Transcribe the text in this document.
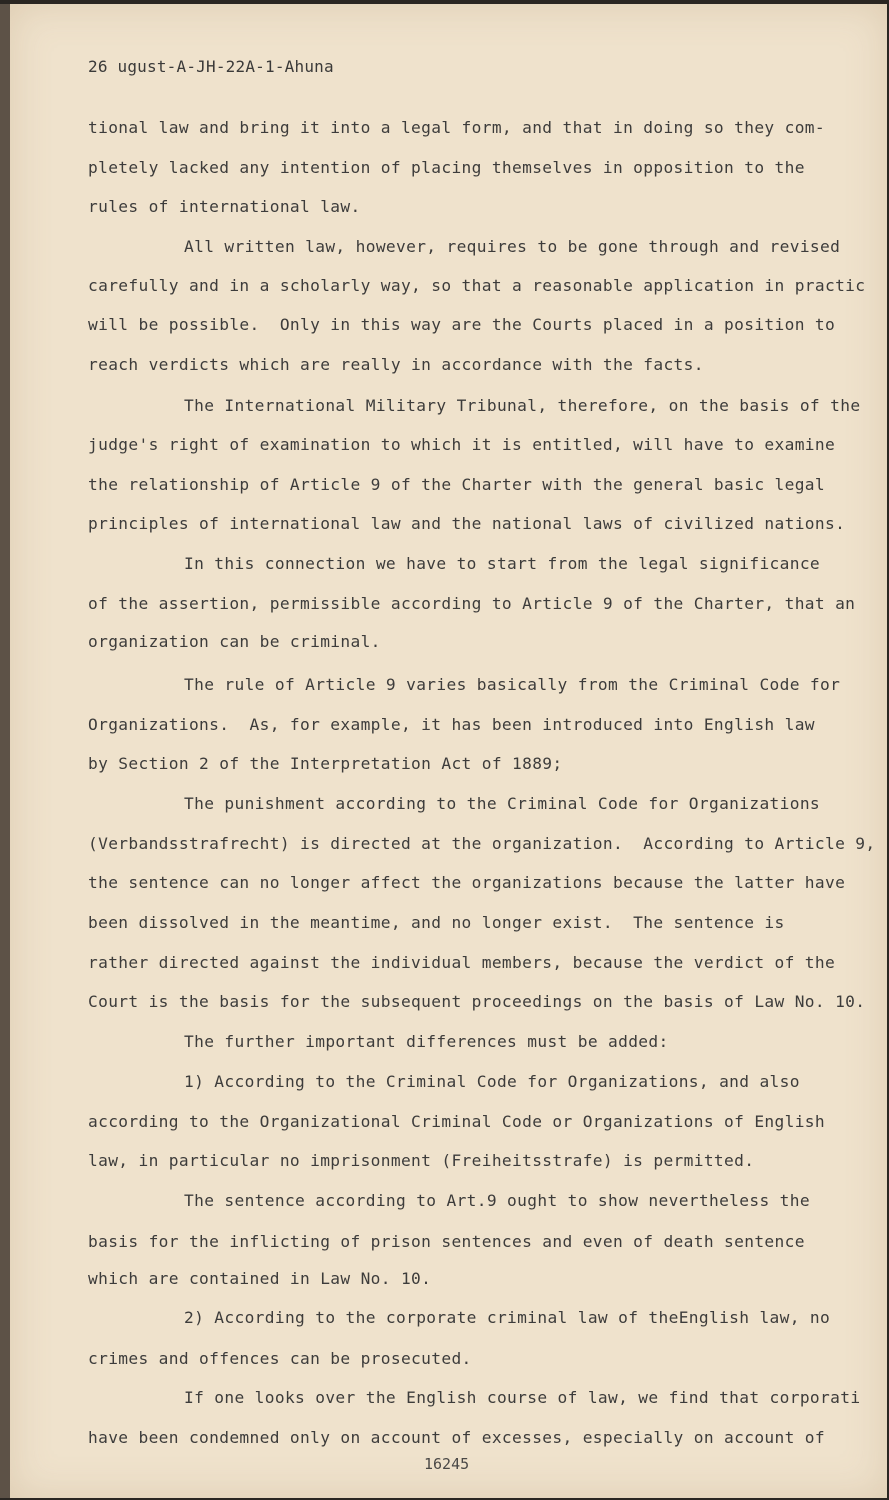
26 ugust-A-JH-22A-1-Ahuna
tional law and bring it into a legal form, and that in doing so they com-
pletely lacked any intention of placing themselves in opposition to the
rules of international law.
All written law, however, requires to be gone through and revised
carefully and in a scholarly way, so that a reasonable application in practic
will be possible.  Only in this way are the Courts placed in a position to
reach verdicts which are really in accordance with the facts.
The International Military Tribunal, therefore, on the basis of the
judge's right of examination to which it is entitled, will have to examine
the relationship of Article 9 of the Charter with the general basic legal
principles of international law and the national laws of civilized nations.
In this connection we have to start from the legal significance
of the assertion, permissible according to Article 9 of the Charter, that an
organization can be criminal.
The rule of Article 9 varies basically from the Criminal Code for
Organizations.  As, for example, it has been introduced into English law
by Section 2 of the Interpretation Act of 1889;
The punishment according to the Criminal Code for Organizations
(Verbandsstrafrecht) is directed at the organization.  According to Article 9,
the sentence can no longer affect the organizations because the latter have
been dissolved in the meantime, and no longer exist.  The sentence is
rather directed against the individual members, because the verdict of the
Court is the basis for the subsequent proceedings on the basis of Law No. 10.
The further important differences must be added:
1) According to the Criminal Code for Organizations, and also
according to the Organizational Criminal Code or Organizations of English
law, in particular no imprisonment (Freiheitsstrafe) is permitted.
The sentence according to Art.9 ought to show nevertheless the
basis for the inflicting of prison sentences and even of death sentence
which are contained in Law No. 10.
2) According to the corporate criminal law of theEnglish law, no
crimes and offences can be prosecuted.
If one looks over the English course of law, we find that corporati
have been condemned only on account of excesses, especially on account of
16245
